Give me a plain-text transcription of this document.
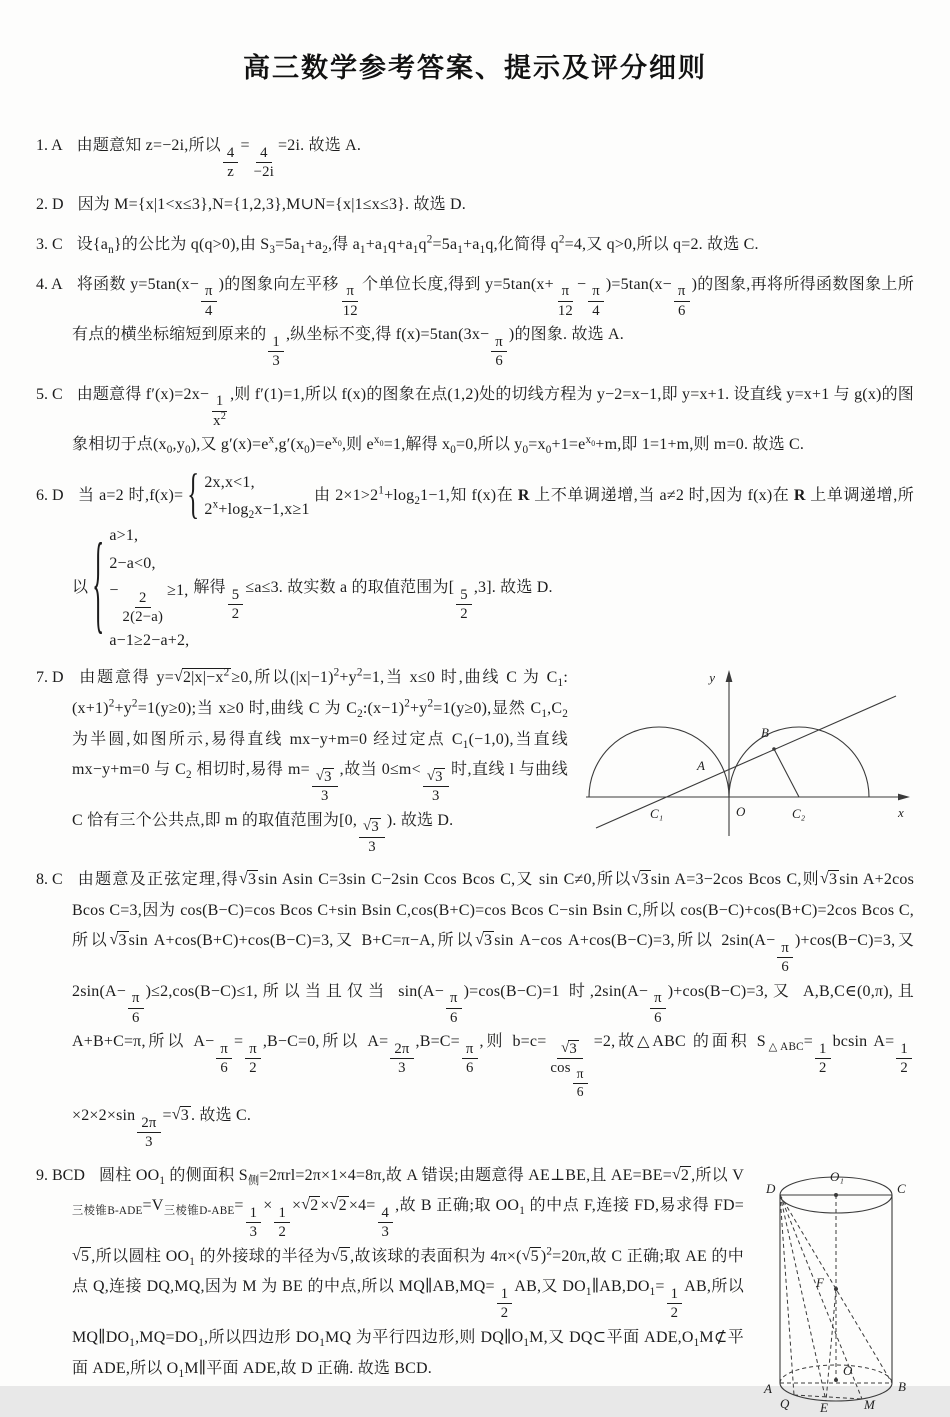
高三数学参考答案、提示及评分细则

1. A 由题意知 z=−2i,所以 $\frac{4}{z} = \frac{4}{-2i} =2i$. 故选 A.

2. D 因为 M={x|1<x≤3},N={1,2,3},M∪N={x|1≤x≤3}. 故选 D.

3. C 设$\{a_n\}$的公比为 q(q>0),由 $S_3=5a_1+a_2$,得 $a_1+a_1q+a_1q^2=5a_1+a_1q$,化简得 $q^2=4$,又 q>0,所以 q=2. 故选 C.

4. A 将函数 $y=5\tan(x- \frac{\pi}{4}$ )的图象向左平移 $\frac{\pi}{12}$ 个单位长度,得到 $y=5\tan(x+ \frac{\pi}{12} - \frac{\pi}{4} )=5\tan(x- \frac{\pi}{6}$ )的图象,再将所得函数图象上所有点的横坐标缩短到原来的 $\frac{1}{3}$ ,纵坐标不变,得 $f(x)=5\tan(3x- \frac{\pi}{6}$ )的图象. 故选 A.

5. C 由题意得 $f'(x)=2x- \frac{1}{x^2}$ ,则 f′(1)=1,所以 f(x)的图象在点(1,2)处的切线方程为 y−2=x−1,即 y=x+1. 设直线 y=x+1 与 g(x)的图象相切于点$(x_0,y_0)$,又 $g'(x)=e^x,g'(x_0)=e^{x_0}$,则 $e^{x_0}=1$,解得 $x_0=0$,所以 $y_0=x_0+1=e^{x_0}+m$,即 1=1+m,则 m=0. 故选 C.

6. D 当 a=2 时,f(x)= { 2x,x<1,
$2^x+\log_2x-1,x\ge 1$
由 $2\times 1>2^1+\log_21-1$,知 f(x)在 R 上不单调递增,当 a≠2 时,因为 f(x)在 R 上单调递增,所以 { a>1,
2−a<0,
− $\frac{2}{2(2-a)} \ge 1$,
a−1≥2−a+2,
解得 $\frac{5}{2} \le a\le 3$. 故实数 a 的取值范围为[ $\frac{5}{2} ,3$]. 故选 D.

y
x
O
C₁	C₂
A
B
7. D 由题意得 $y=√2|x|-x^2 \ge 0$,所以$(|x|-1)^2+y^2=1$,当 x≤0 时,曲线 C 为 $C_1:(x+1)^2+y^2=1(y\ge 0)$;当 x≥0 时,曲线 C 为 $C_2:(x-1)^2+y^2=1(y\ge 0)$,显然 $C_1,C_2$ 为半圆,如图所示,易得直线 mx−y+m=0 经过定点 $C_1(-1,0)$,当直线 mx−y+m=0 与 $C_2$ 相切时,易得 $m= \frac{√3}{3}$ ,故当 $0\le m< \frac{√3}{3}$ 时,直线 l 与曲线 C 恰有三个公共点,即 m 的取值范围为[0, $\frac{√3}{3}$ ). 故选 D.

8. C 由题意及正弦定理,得√3 sin Asin C=3sin C−2sin Ccos Bcos C,又 sin C≠0,所以√3 sin A=3−2cos Bcos C,则√3 sin A+2cos Bcos C=3,因为 cos(B−C)=cos Bcos C+sin Bsin C,cos(B+C)=cos Bcos C−sin Bsin C,所以 cos(B−C)+cos(B+C)=2cos Bcos C,所以√3 sin A+cos(B+C)+cos(B−C)=3,又 B+C=π−A,所以√3 sin A−cos A+cos(B−C)=3,所以 $2\sin(A- \frac{\pi}{6} )+\cos(B-C)=3$,又 $2\sin(A- \frac{\pi}{6} )\le 2,\cos(B-C)\le 1$,所以当且仅当 $\sin(A- \frac{\pi}{6} )=\cos(B-C)=1$ 时$,2\sin(A- \frac{\pi}{6} )+\cos(B-C)=3$,又 A,B,C∈(0,π),且 A+B+C=π,所以 $A- \frac{\pi}{6} = \frac{\pi}{2} ,B-C=0$,所以 $A= \frac{2\pi}{3} ,B=C= \frac{\pi}{6}$ ,则 $b=c= \frac{√3}{\cos \frac{\pi}{6}} =2$,故△ABC 的面积 $S_{\triangle ABC}= \frac{1}{2}$ bcsin $A= \frac{1}{2}$
$\times 2\times 2\times\sin \frac{2\pi}{3} =√3$ . 故选 C.

O₁
D	C
F
A	B
O
Q E	M
9. BCD 圆柱 $OO_1$ 的侧面积 $S_侧=2\pi rl=2\pi\times 1\times 4=8\pi$,故 A 错误;由题意得 AE⊥BE,且 AE=BE=√2 ,所以 $V_{三棱锥B-ADE}=V_{三棱锥D-ABE}= \frac{1}{3} \times \frac{1}{2} \times√2 \times√2 \times 4= \frac{4}{3}$ ,故 B 正确;取 $OO_1$ 的中点 F,连接 FD,易求得 FD=√5 ,所以圆柱 $OO_1$ 的外接球的半径为√5 ,故该球的表面积为 4π×(√5 )$^2$=20π,故 C 正确;取 AE 的中点 Q,连接 DQ,MQ,因为 M 为 BE 的中点,所以 MQ∥AB,MQ= $\frac{1}{2}$ AB,又 $DO_1\parallel AB,DO_1= \frac{1}{2}$ AB,所以 $MQ\parallel DO_1,MQ=DO_1$,所以四边形 $DO_1MQ$ 为平行四边形,则 $DQ\parallel O_1M$,又 DQ⊂平面 $ADE,O_1M⊄$平面 ADE,所以 $O_1M\parallel$平面 ADE,故 D 正确. 故选 BCD.
